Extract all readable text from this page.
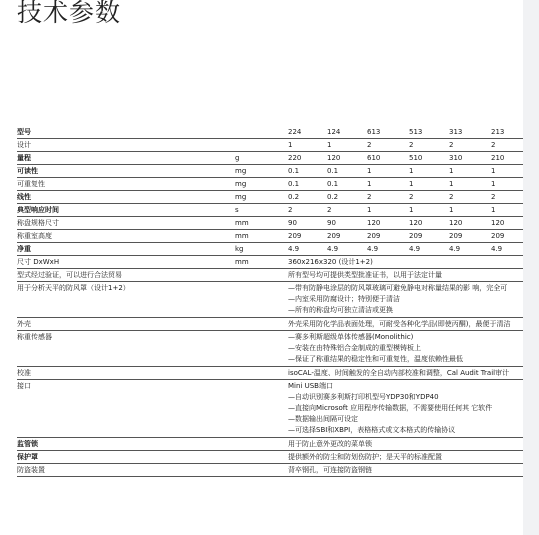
技术参数
型号	224	124	613	513	313	213
设计	1	1	2	2	2	2
量程	g	220	120	610	510	310	210
可读性	mg	0.1	0.1	1	1	1	1
可重复性	mg	0.1	0.1	1	1	1	1
线性	mg	0.2	0.2	2	2	2	2
典型响应时间	s	2	2	1	1	1	1
称盘规格尺寸	mm	90	90	120	120	120	120
称重室高度	mm	209	209	209	209	209	209
净重	kg	4.9	4.9	4.9	4.9	4.9	4.9
尺寸 DxWxH	mm	360x216x320 (设计1+2)
型式经过验证，可以进行合法贸易	所有型号均可提供类型批准证书，以用于法定计量
用于分析天平的防风罩（设计1+2）	—带有防静电涂层的防风罩玻璃可避免静电对称量结果的影 响，完全可
—内室采用防腐设计；特别便于清洁
—所有的称盘均可独立清洁或更换
外壳	外壳采用防化学品表面处理，可耐受各种化学品(即使丙酮)，最便于清洁
称重传感器	—赛多利斯超级单体传感器(Monolithic)
—安装在由特殊铝合金制成的重型模铸板上
—保证了称重结果的稳定性和可重复性，温度依赖性最低
校准	isoCAL-温度、时间触发的全自动内部校准和调整，Cal Audit Trail审计
接口	Mini USB端口
—自动识别赛多利斯打印机型号YDP30和YDP40
—直接向Microsoft 应用程序传输数据，不需要使用任何其 它软件
—数据输出间隔可设定
—可选择SBI和XBPI，表格格式或文本格式的传输协议
监管锁	用于防止意外更改的菜单锁
保护罩	提供额外的防尘和防划伤防护；是天平的标准配置
防盗装置	背卒钢孔，可连接防盗钢链
